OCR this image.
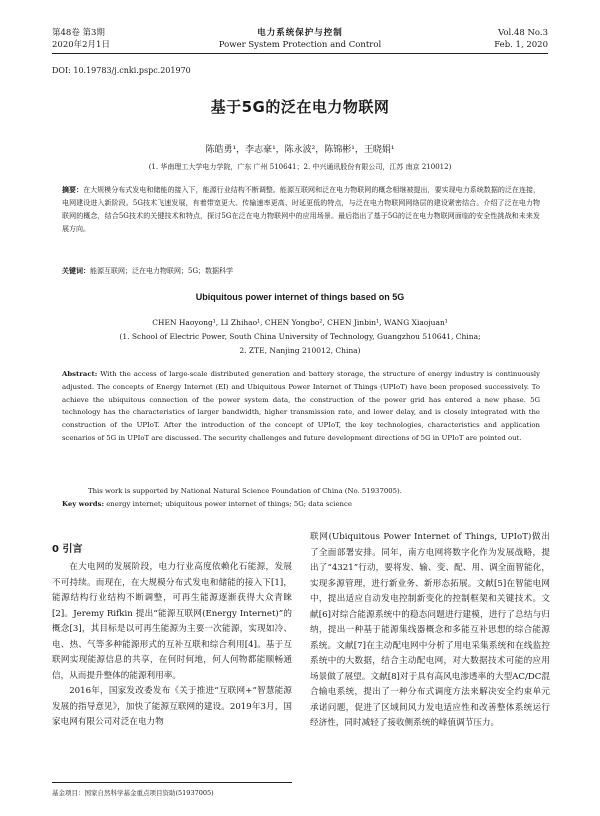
第48卷 第3期
2020年2月1日
电力系统保护与控制
Power System Protection and Control
Vol.48 No.3
Feb. 1, 2020
DOI: 10.19783/j.cnki.pspc.201970
基于5G的泛在电力物联网
陈皓勇¹，李志豪¹，陈永波²，陈锦彬¹，王晓娟¹
(1. 华南理工大学电力学院，广东 广州 510641；2. 中兴通讯股份有限公司，江苏 南京 210012)
摘要：在大规模分布式发电和储能的接入下，能源行业结构不断调整。能源互联网和泛在电力物联网的概念相继被提出，要实现电力系统数据的泛在连接，电网建设进入新阶段。5G技术飞速发展，有着带宽更大、传输速率更高、时延更低的特点，与泛在电力物联网网络层的建设紧密结合。介绍了泛在电力物联网的概念，结合5G技术的关键技术和特点，探讨5G在泛在电力物联网中的应用场景。最后指出了基于5G的泛在电力物联网面临的安全性挑战和未来发展方向。
关键词：能源互联网；泛在电力物联网；5G；数据科学
Ubiquitous power internet of things based on 5G
CHEN Haoyong¹, LI Zhihao¹, CHEN Yongbo², CHEN Jinbin¹, WANG Xiaojuan¹
(1. School of Electric Power, South China University of Technology, Guangzhou 510641, China;
2. ZTE, Nanjing 210012, China)
Abstract: With the access of large-scale distributed generation and battery storage, the structure of energy industry is continuously adjusted. The concepts of Energy Internet (EI) and Ubiquitous Power Internet of Things (UPIoT) have been proposed successively. To achieve the ubiquitous connection of the power system data, the construction of the power grid has entered a new phase. 5G technology has the characteristics of larger bandwidth, higher transmission rate, and lower delay, and is closely integrated with the construction of the UPIoT. After the introduction of the concept of UPIoT, the key technologies, characteristics and application scenarios of 5G in UPIoT are discussed. The security challenges and future development directions of 5G in UPIoT are pointed out.
This work is supported by National Natural Science Foundation of China (No. 51937005).
Key words: energy internet; ubiquitous power internet of things; 5G; data science
0 引言
在大电网的发展阶段，电力行业高度依赖化石能源，发展不可持续。而现在，在大规模分布式发电和储能的接入下[1]，能源结构行业结构不断调整，可再生能源逐渐获得大众青睐[2]。Jeremy Rifkin 提出“能源互联网(Energy Internet)”的概念[3]，其目标是以可再生能源为主要一次能源，实现如冷、电、热、气等多种能源形式的互补互联和综合利用[4]。基于互联网实现能源信息的共享，在何时何地，何人何物都能顺畅通信，从而提升整体的能源利用率。
2016年，国家发改委发布《关于推进“互联网+”智慧能源发展的指导意见》，加快了能源互联网的建设。2019年3月，国家电网有限公司对泛在电力物
联网(Ubiquitous Power Internet of Things, UPIoT)做出了全面部署安排。同年，南方电网将数字化作为发展战略，提出了“4321”行动，要将发、输、变、配、用、调全面智能化，实现多源管理，进行新业务、新形态拓展。文献[5]在智能电网中，提出适应自动发电控制新变化的控制框架和关键技术。文献[6]对综合能源系统中的稳态问题进行建模，进行了总结与归纳，提出一种基于能源集线器概念和多能互补思想的综合能源系统。文献[7]在主动配电网中分析了用电采集系统和在线监控系统中的大数据，结合主动配电网，对大数据技术可能的应用场景做了展望。文献[8]对于具有高风电渗透率的大型AC/DC混合输电系统，提出了一种分布式调度方法来解决安全约束单元承诺问题，促进了区域间风力发电适应性和改善整体系统运行经济性，同时减轻了接收侧系统的峰值调节压力。
基金项目：国家自然科学基金重点项目资助(51937005)
